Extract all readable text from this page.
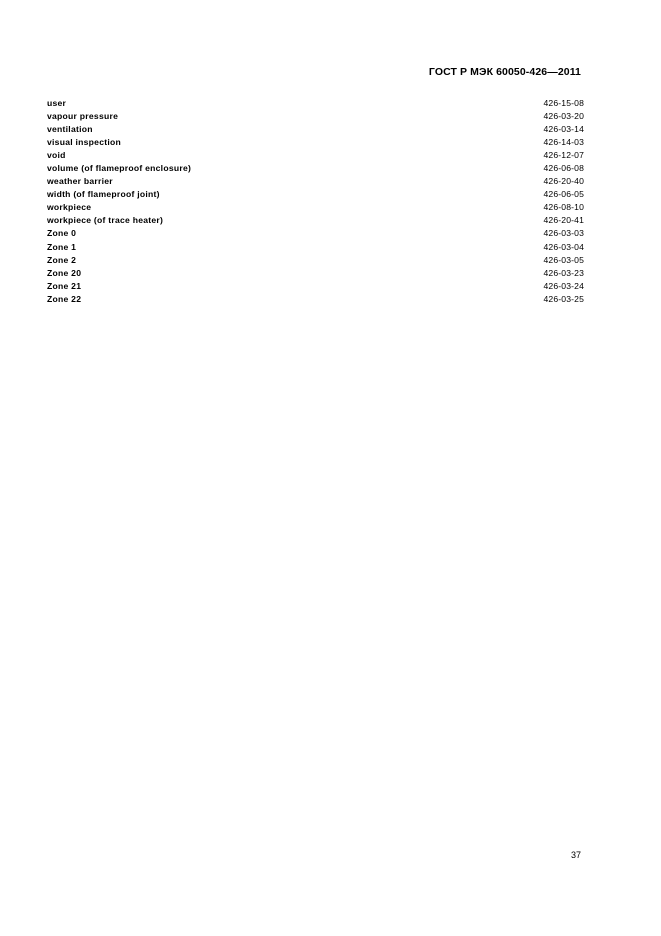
ГОСТ Р МЭК 60050-426—2011
user	426-15-08
vapour pressure	426-03-20
ventilation	426-03-14
visual inspection	426-14-03
void	426-12-07
volume (of flameproof enclosure)	426-06-08
weather barrier	426-20-40
width (of flameproof joint)	426-06-05
workpiece	426-08-10
workpiece (of trace heater)	426-20-41
Zone 0	426-03-03
Zone 1	426-03-04
Zone 2	426-03-05
Zone 20	426-03-23
Zone 21	426-03-24
Zone 22	426-03-25
37
